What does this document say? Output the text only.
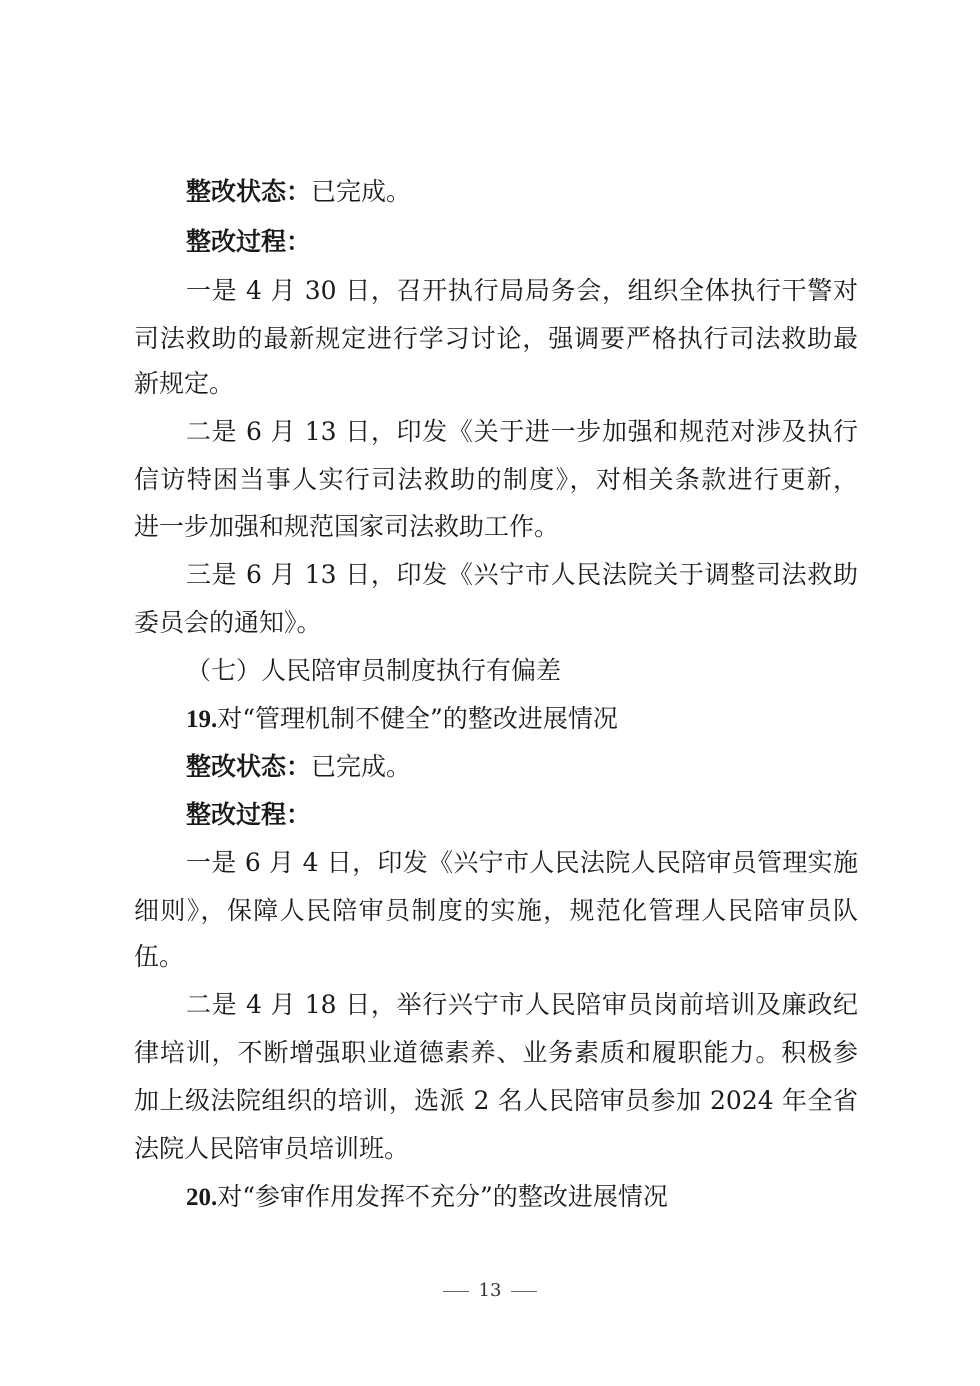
整改状态：已完成。
整改过程：
一是 4 月 30 日，召开执行局局务会，组织全体执行干警对
司法救助的最新规定进行学习讨论，强调要严格执行司法救助最
新规定。
二是 6 月 13 日，印发《关于进一步加强和规范对涉及执行
信访特困当事人实行司法救助的制度》，对相关条款进行更新，
进一步加强和规范国家司法救助工作。
三是 6 月 13 日，印发《兴宁市人民法院关于调整司法救助
委员会的通知》。
（七）人民陪审员制度执行有偏差
19.对“管理机制不健全”的整改进展情况
整改状态：已完成。
整改过程：
一是 6 月 4 日，印发《兴宁市人民法院人民陪审员管理实施
细则》，保障人民陪审员制度的实施，规范化管理人民陪审员队
伍。
二是 4 月 18 日，举行兴宁市人民陪审员岗前培训及廉政纪
律培训，不断增强职业道德素养、业务素质和履职能力。积极参
加上级法院组织的培训，选派 2 名人民陪审员参加 2024 年全省
法院人民陪审员培训班。
20.对“参审作用发挥不充分”的整改进展情况
13
